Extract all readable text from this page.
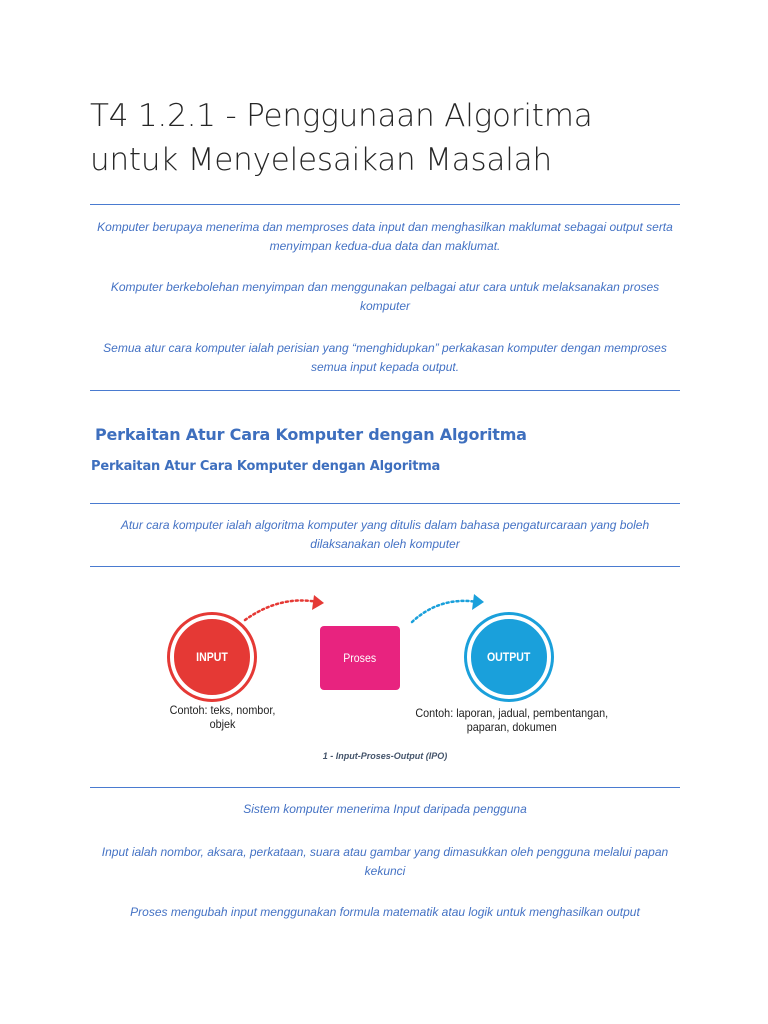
T4 1.2.1 - Penggunaan Algoritma untuk Menyelesaikan Masalah

Komputer berupaya menerima dan memproses data input dan menghasilkan maklumat sebagai output serta menyimpan kedua-dua data dan maklumat.

Komputer berkebolehan menyimpan dan menggunakan pelbagai atur cara untuk melaksanakan proses komputer

Semua atur cara komputer ialah perisian yang “menghidupkan” perkakasan komputer dengan memproses semua input kepada output.

Perkaitan Atur Cara Komputer dengan Algoritma
Perkaitan Atur Cara Komputer dengan Algoritma

Atur cara komputer ialah algoritma komputer yang ditulis dalam bahasa pengaturcaraan yang boleh dilaksanakan oleh komputer

INPUT	Proses	OUTPUT
Contoh: teks, nombor, objek
Contoh: laporan, jadual, pembentangan, paparan, dokumen

1 - Input-Proses-Output (IPO)

Sistem komputer menerima Input daripada pengguna

Input ialah nombor, aksara, perkataan, suara atau gambar yang dimasukkan oleh pengguna melalui papan kekunci

Proses mengubah input menggunakan formula matematik atau logik untuk menghasilkan output
